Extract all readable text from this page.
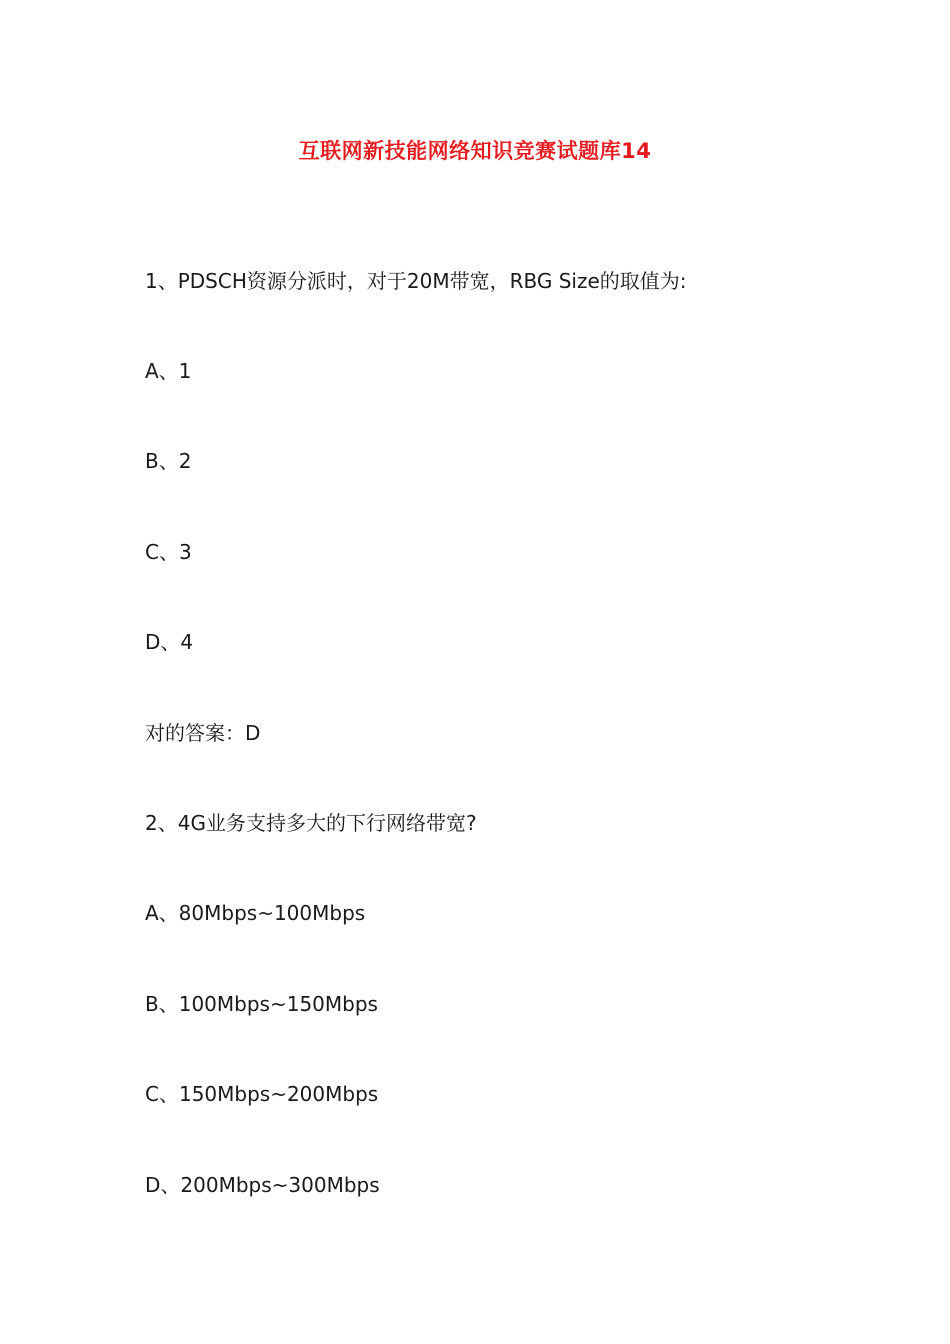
互联网新技能网络知识竞赛试题库14
1、PDSCH资源分派时，对于20M带宽，RBG Size的取值为:
A、1
B、2
C、3
D、4
对的答案：D
2、4G业务支持多大的下行网络带宽?
A、80Mbps~100Mbps
B、100Mbps~150Mbps
C、150Mbps~200Mbps
D、200Mbps~300Mbps
